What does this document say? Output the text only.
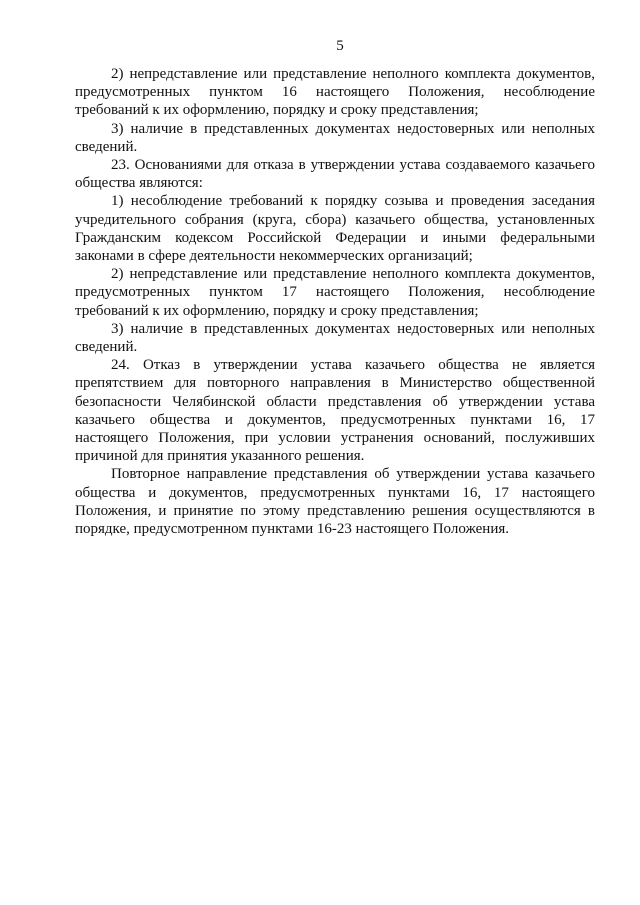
5

2) непредставление или представление неполного комплекта документов, предусмотренных пунктом 16 настоящего Положения, несоблюдение требований к их оформлению, порядку и сроку представления;

3) наличие в представленных документах недостоверных или неполных сведений.

23. Основаниями для отказа в утверждении устава создаваемого казачьего общества являются:

1) несоблюдение требований к порядку созыва и проведения заседания учредительного собрания (круга, сбора) казачьего общества, установленных Гражданским кодексом Российской Федерации и иными федеральными законами в сфере деятельности некоммерческих организаций;

2) непредставление или представление неполного комплекта документов, предусмотренных пунктом 17 настоящего Положения, несоблюдение требований к их оформлению, порядку и сроку представления;

3) наличие в представленных документах недостоверных или неполных сведений.

24. Отказ в утверждении устава казачьего общества не является препятствием для повторного направления в Министерство общественной безопасности Челябинской области представления об утверждении устава казачьего общества и документов, предусмотренных пунктами 16, 17 настоящего Положения, при условии устранения оснований, послуживших причиной для принятия указанного решения.

Повторное направление представления об утверждении устава казачьего общества и документов, предусмотренных пунктами 16, 17 настоящего Положения, и принятие по этому представлению решения осуществляются в порядке, предусмотренном пунктами 16-23 настоящего Положения.
